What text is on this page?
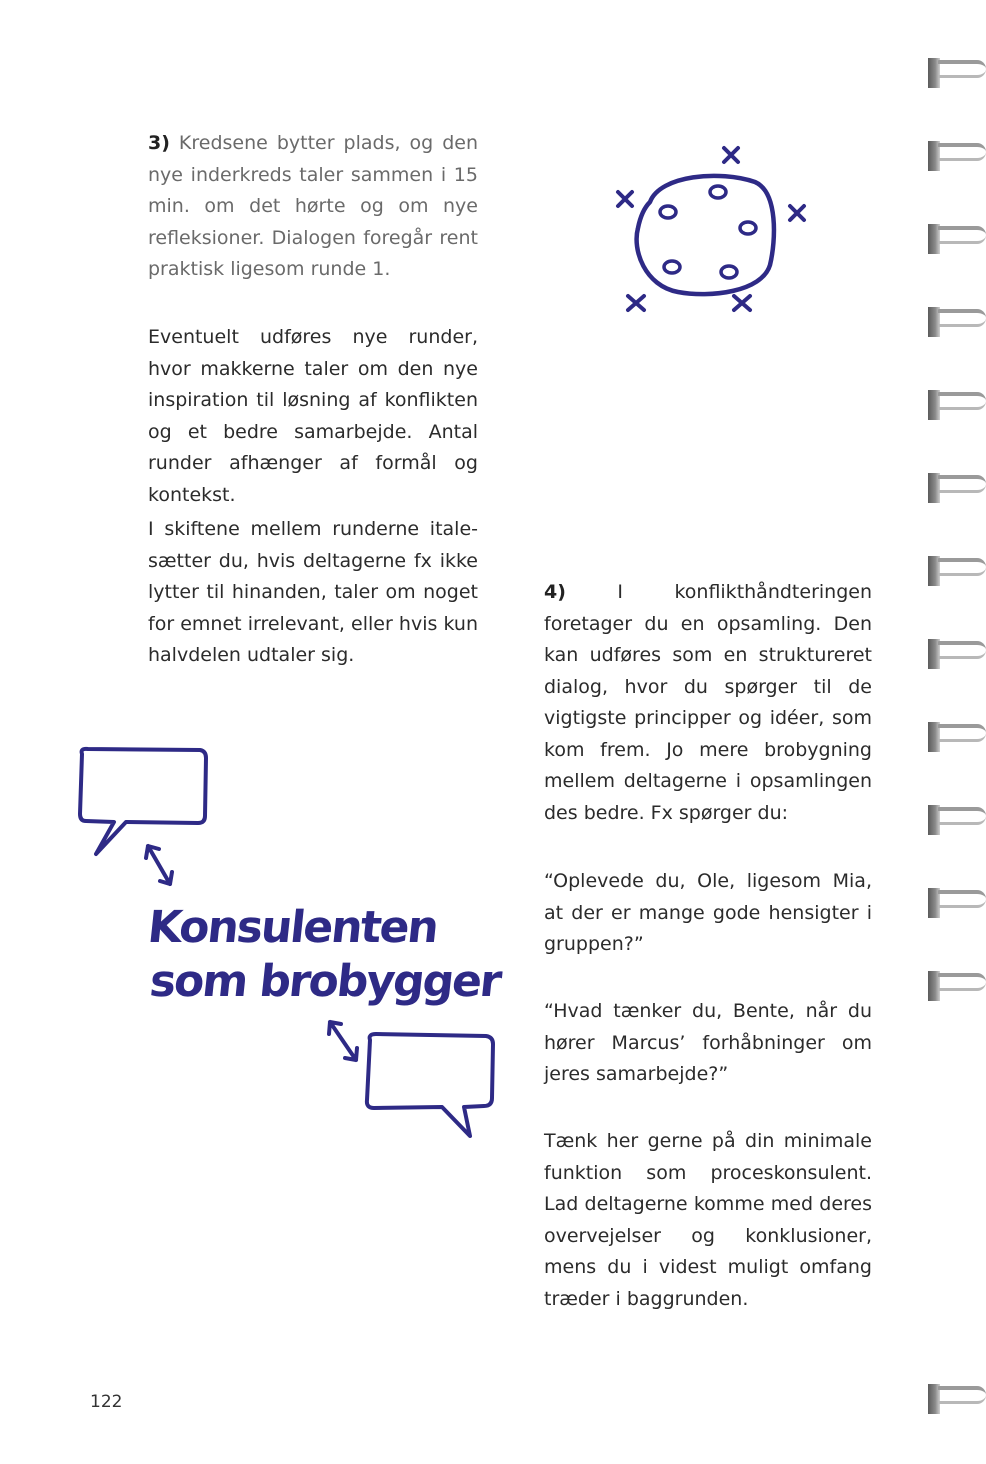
3) Kredsene bytter plads, og den nye inderkreds taler sammen i 15 min. om det hørte og om nye refleksioner. Dialogen foregår rent praktisk ligesom runde 1.

Eventuelt udføres nye runder, hvor makkerne taler om den nye inspiration til løsning af konflikten og et bedre samarbejde. Antal runder afhænger af formål og kontekst.

I skiftene mellem runderne italesætter du, hvis deltagerne fx ikke lytter til hinanden, taler om noget for emnet irrelevant, eller hvis kun halvdelen udtaler sig.

4) I konflikthåndteringen foretager du en opsamling. Den kan udføres som en struktureret dialog, hvor du spørger til de vigtigste principper og idéer, som kom frem. Jo mere brobygning mellem deltagerne i opsamlingen des bedre. Fx spørger du:

“Oplevede du, Ole, ligesom Mia, at der er mange gode hensigter i gruppen?”

“Hvad tænker du, Bente, når du hører Marcus’ forhåbninger om jeres samarbejde?”

Tænk her gerne på din minimale funktion som proceskonsulent. Lad deltagerne komme med deres overvejelser og konklusioner, mens du i videst muligt omfang træder i baggrunden.

Konsulenten
som brobygger
122
